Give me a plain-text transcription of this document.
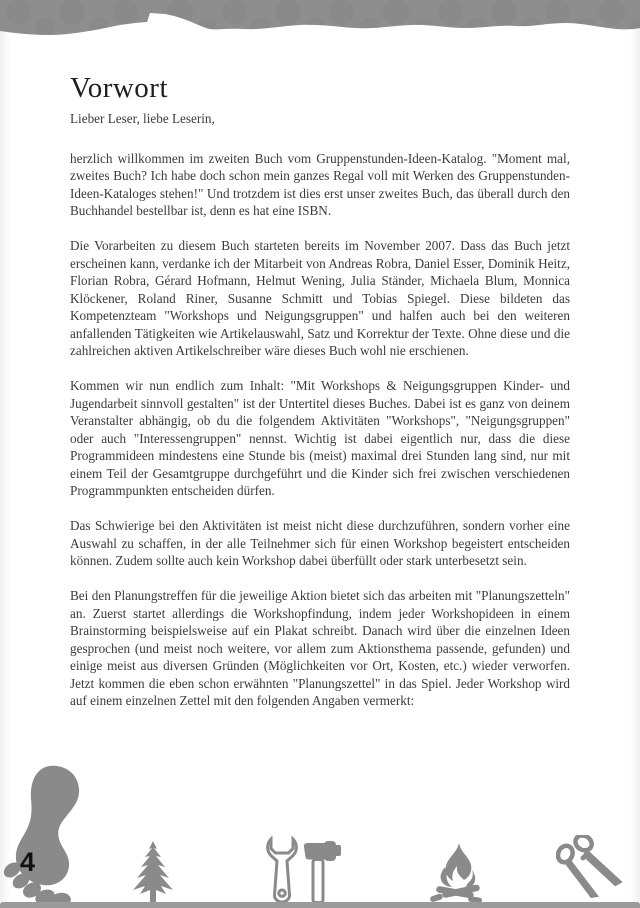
Vorwort

Lieber Leser, liebe Leserin,

herzlich willkommen im zweiten Buch vom Gruppenstunden-Ideen-Katalog. "Moment mal, zweites Buch? Ich habe doch schon mein ganzes Regal voll mit Werken des Gruppenstunden-Ideen-Kataloges stehen!" Und trotzdem ist dies erst unser zweites Buch, das überall durch den Buchhandel bestellbar ist, denn es hat eine ISBN.

Die Vorarbeiten zu diesem Buch starteten bereits im November 2007. Dass das Buch jetzt erscheinen kann, verdanke ich der Mitarbeit von Andreas Robra, Daniel Esser, Dominik Heitz, Florian Robra, Gérard Hofmann, Helmut Wening, Julia Ständer, Michaela Blum, Monnica Klöckener, Roland Riner, Susanne Schmitt und Tobias Spiegel. Diese bildeten das Kompetenzteam "Workshops und Neigungsgruppen" und halfen auch bei den weiteren anfallenden Tätigkeiten wie Artikelauswahl, Satz und Korrektur der Texte. Ohne diese und die zahlreichen aktiven Artikelschreiber wäre dieses Buch wohl nie erschienen.

Kommen wir nun endlich zum Inhalt: "Mit Workshops & Neigungsgruppen Kinder- und Jugendarbeit sinnvoll gestalten" ist der Untertitel dieses Buches. Dabei ist es ganz von deinem Veranstalter abhängig, ob du die folgendem Aktivitäten "Workshops", "Neigungsgruppen" oder auch "Interessengruppen" nennst. Wichtig ist dabei eigentlich nur, dass die diese Programmideen mindestens eine Stunde bis (meist) maximal drei Stunden lang sind, nur mit einem Teil der Gesamtgruppe durchgeführt und die Kinder sich frei zwischen verschiedenen Programmpunkten entscheiden dürfen.

Das Schwierige bei den Aktivitäten ist meist nicht diese durchzuführen, sondern vorher eine Auswahl zu schaffen, in der alle Teilnehmer sich für einen Workshop begeistert entscheiden können. Zudem sollte auch kein Workshop dabei überfüllt oder stark unterbesetzt sein.

Bei den Planungstreffen für die jeweilige Aktion bietet sich das arbeiten mit "Planungszetteln" an. Zuerst startet allerdings die Workshopfindung, indem jeder Workshopideen in einem Brainstorming beispielsweise auf ein Plakat schreibt. Danach wird über die einzelnen Ideen gesprochen (und meist noch weitere, vor allem zum Aktionsthema passende, gefunden) und einige meist aus diversen Gründen (Möglichkeiten vor Ort, Kosten, etc.) wieder verworfen. Jetzt kommen die eben schon erwähnten "Planungszettel" in das Spiel. Jeder Workshop wird auf einem einzelnen Zettel mit den folgenden Angaben vermerkt:

4
